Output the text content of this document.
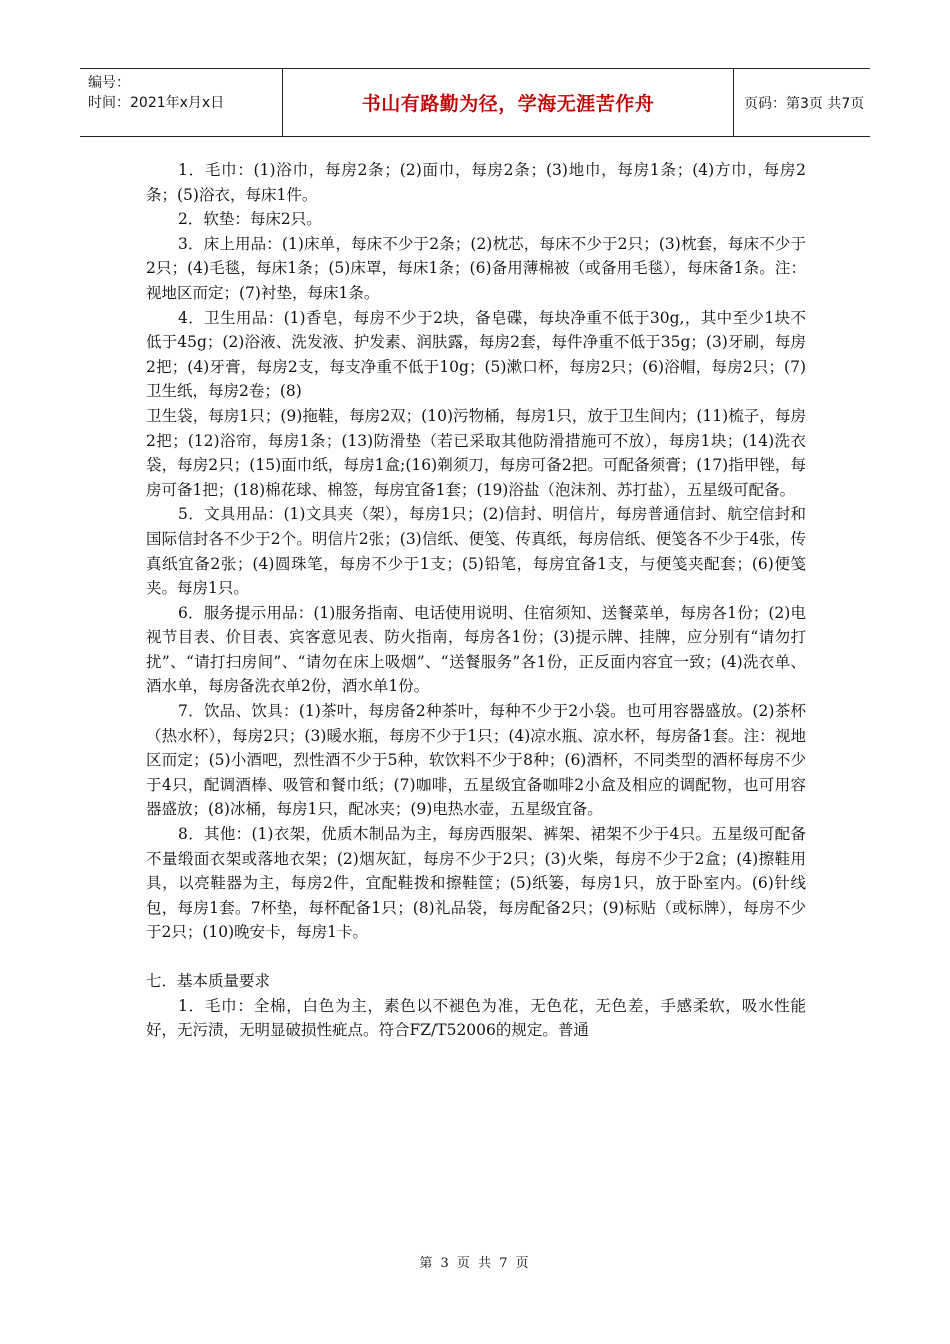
编号：
时间：2021年x月x日	书山有路勤为径，学海无涯苦作舟	页码：第3页 共7页

1．毛巾：(1)浴巾，每房2条；(2)面巾，每房2条；(3)地巾，每房1条；(4)方巾，每房2条；(5)浴衣，每床1件。

2．软垫：每床2只。

3．床上用品：(1)床单，每床不少于2条；(2)枕芯，每床不少于2只；(3)枕套，每床不少于2只；(4)毛毯，每床1条；(5)床罩，每床1条；(6)备用薄棉被（或备用毛毯），每床备1条。注：视地区而定；(7)衬垫，每床1条。

4．卫生用品：(1)香皂，每房不少于2块，备皂碟，每块净重不低于30g,，其中至少1块不低于45g；(2)浴液、洗发液、护发素、润肤露，每房2套，每件净重不低于35g；(3)牙刷，每房2把；(4)牙膏，每房2支，每支净重不低于10g；(5)漱口杯，每房2只；(6)浴帽，每房2只；(7)卫生纸，每房2卷；(8)

卫生袋，每房1只；(9)拖鞋，每房2双；(10)污物桶，每房1只，放于卫生间内；(11)梳子，每房2把；(12)浴帘，每房1条；(13)防滑垫（若已采取其他防滑措施可不放），每房1块；(14)洗衣袋，每房2只；(15)面巾纸，每房1盒;(16)剃须刀，每房可备2把。可配备须膏；(17)指甲锉，每房可备1把；(18)棉花球、棉签，每房宜备1套；(19)浴盐（泡沫剂、苏打盐），五星级可配备。

5．文具用品：(1)文具夹（架），每房1只；(2)信封、明信片，每房普通信封、航空信封和国际信封各不少于2个。明信片2张；(3)信纸、便笺、传真纸，每房信纸、便笺各不少于4张，传真纸宜备2张；(4)圆珠笔，每房不少于1支；(5)铅笔，每房宜备1支，与便笺夹配套；(6)便笺夹。每房1只。

6．服务提示用品：(1)服务指南、电话使用说明、住宿须知、送餐菜单，每房各1份；(2)电视节目表、价目表、宾客意见表、防火指南，每房各1份；(3)提示牌、挂牌，应分别有“请勿打扰”、“请打扫房间”、“请勿在床上吸烟”、“送餐服务”各1份，正反面内容宜一致；(4)洗衣单、酒水单，每房备洗衣单2份，酒水单1份。

7．饮品、饮具：(1)茶叶，每房备2种茶叶，每种不少于2小袋。也可用容器盛放。(2)茶杯（热水杯），每房2只；(3)暖水瓶，每房不少于1只；(4)凉水瓶、凉水杯，每房备1套。注：视地区而定；(5)小酒吧，烈性酒不少于5种，软饮料不少于8种；(6)酒杯，不同类型的酒杯每房不少于4只，配调酒棒、吸管和餐巾纸；(7)咖啡，五星级宜备咖啡2小盒及相应的调配物，也可用容器盛放；(8)冰桶，每房1只，配冰夹；(9)电热水壶，五星级宜备。

8．其他：(1)衣架，优质木制品为主，每房西服架、裤架、裙架不少于4只。五星级可配备不量缎面衣架或落地衣架；(2)烟灰缸，每房不少于2只；(3)火柴，每房不少于2盒；(4)擦鞋用具，以亮鞋器为主，每房2件，宜配鞋拨和擦鞋筐；(5)纸篓，每房1只，放于卧室内。(6)针线包，每房1套。7杯垫，每杯配备1只；(8)礼品袋，每房配备2只；(9)标贴（或标牌），每房不少于2只；(10)晚安卡，每房1卡。

七．基本质量要求

1．毛巾：全棉，白色为主，素色以不褪色为准，无色花，无色差，手感柔软，吸水性能好，无污渍，无明显破损性疵点。符合FZ/T52006的规定。普通

第 3 页 共 7 页
